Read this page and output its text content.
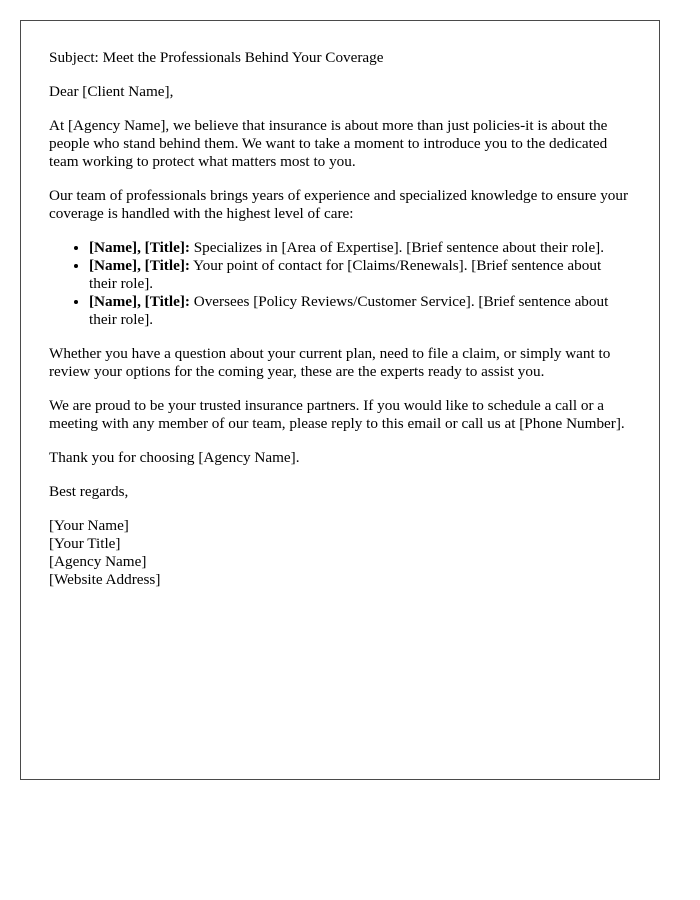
Subject: Meet the Professionals Behind Your Coverage

Dear [Client Name],

At [Agency Name], we believe that insurance is about more than just policies-it is about the people who stand behind them. We want to take a moment to introduce you to the dedicated team working to protect what matters most to you.

Our team of professionals brings years of experience and specialized knowledge to ensure your coverage is handled with the highest level of care:

• [Name], [Title]: Specializes in [Area of Expertise]. [Brief sentence about their role].
• [Name], [Title]: Your point of contact for [Claims/Renewals]. [Brief sentence about their role].
• [Name], [Title]: Oversees [Policy Reviews/Customer Service]. [Brief sentence about their role].

Whether you have a question about your current plan, need to file a claim, or simply want to review your options for the coming year, these are the experts ready to assist you.

We are proud to be your trusted insurance partners. If you would like to schedule a call or a meeting with any member of our team, please reply to this email or call us at [Phone Number].

Thank you for choosing [Agency Name].

Best regards,

[Your Name]
[Your Title]
[Agency Name]
[Website Address]
